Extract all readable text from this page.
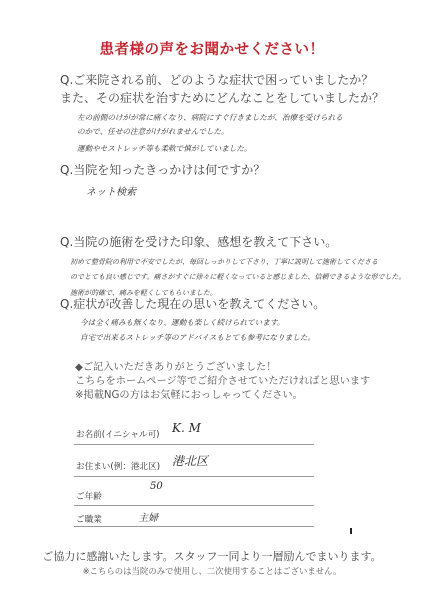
患者様の声をお聞かせください！
Q.ご来院される前、どのような症状で困っていましたか？
また、その症状を治すためにどんなことをしていましたか？
左の前側のけがが常に痛くなり、病院にすぐ行きましたが、治療を受けられる
のかで、任せの注意がけがれませんでした。
運動やセストレッチ等も柔軟で慎がしていました。
Q.当院を知ったきっかけは何ですか？
ネット検索
Q.当院の施術を受けた印象、感想を教えて下さい。
初めて整骨院の利用で不安でしたが、毎回しっかりして下さり、丁寧に説明して施術してくださる
のでとても良い感じです。痛さがすぐに徐々に軽くなっていると感じました、信頼できるような形でした。
施術が的確で、痛みを軽くしてもらいました。
Q.症状が改善した現在の思いを教えてください。
今は全く痛みも無くなり、運動も楽しく続けられています。
自宅で出来るストレッチ等のアドバイスもとても参考になりました。
◆ご記入いただきありがとうございました！
こちらをホームページ等でご紹介させていただければと思います
※掲載NGの方はお気軽におっしゃってください。
お名前(イニシャル可) K. M
お住まい(例：港北区) 港北区
ご年齢
50
ご職業	主婦
ご協力に感謝いたします。スタッフ一同より一層励んでまいります。
※こちらのは当院のみで使用し、二次使用することはございません。
